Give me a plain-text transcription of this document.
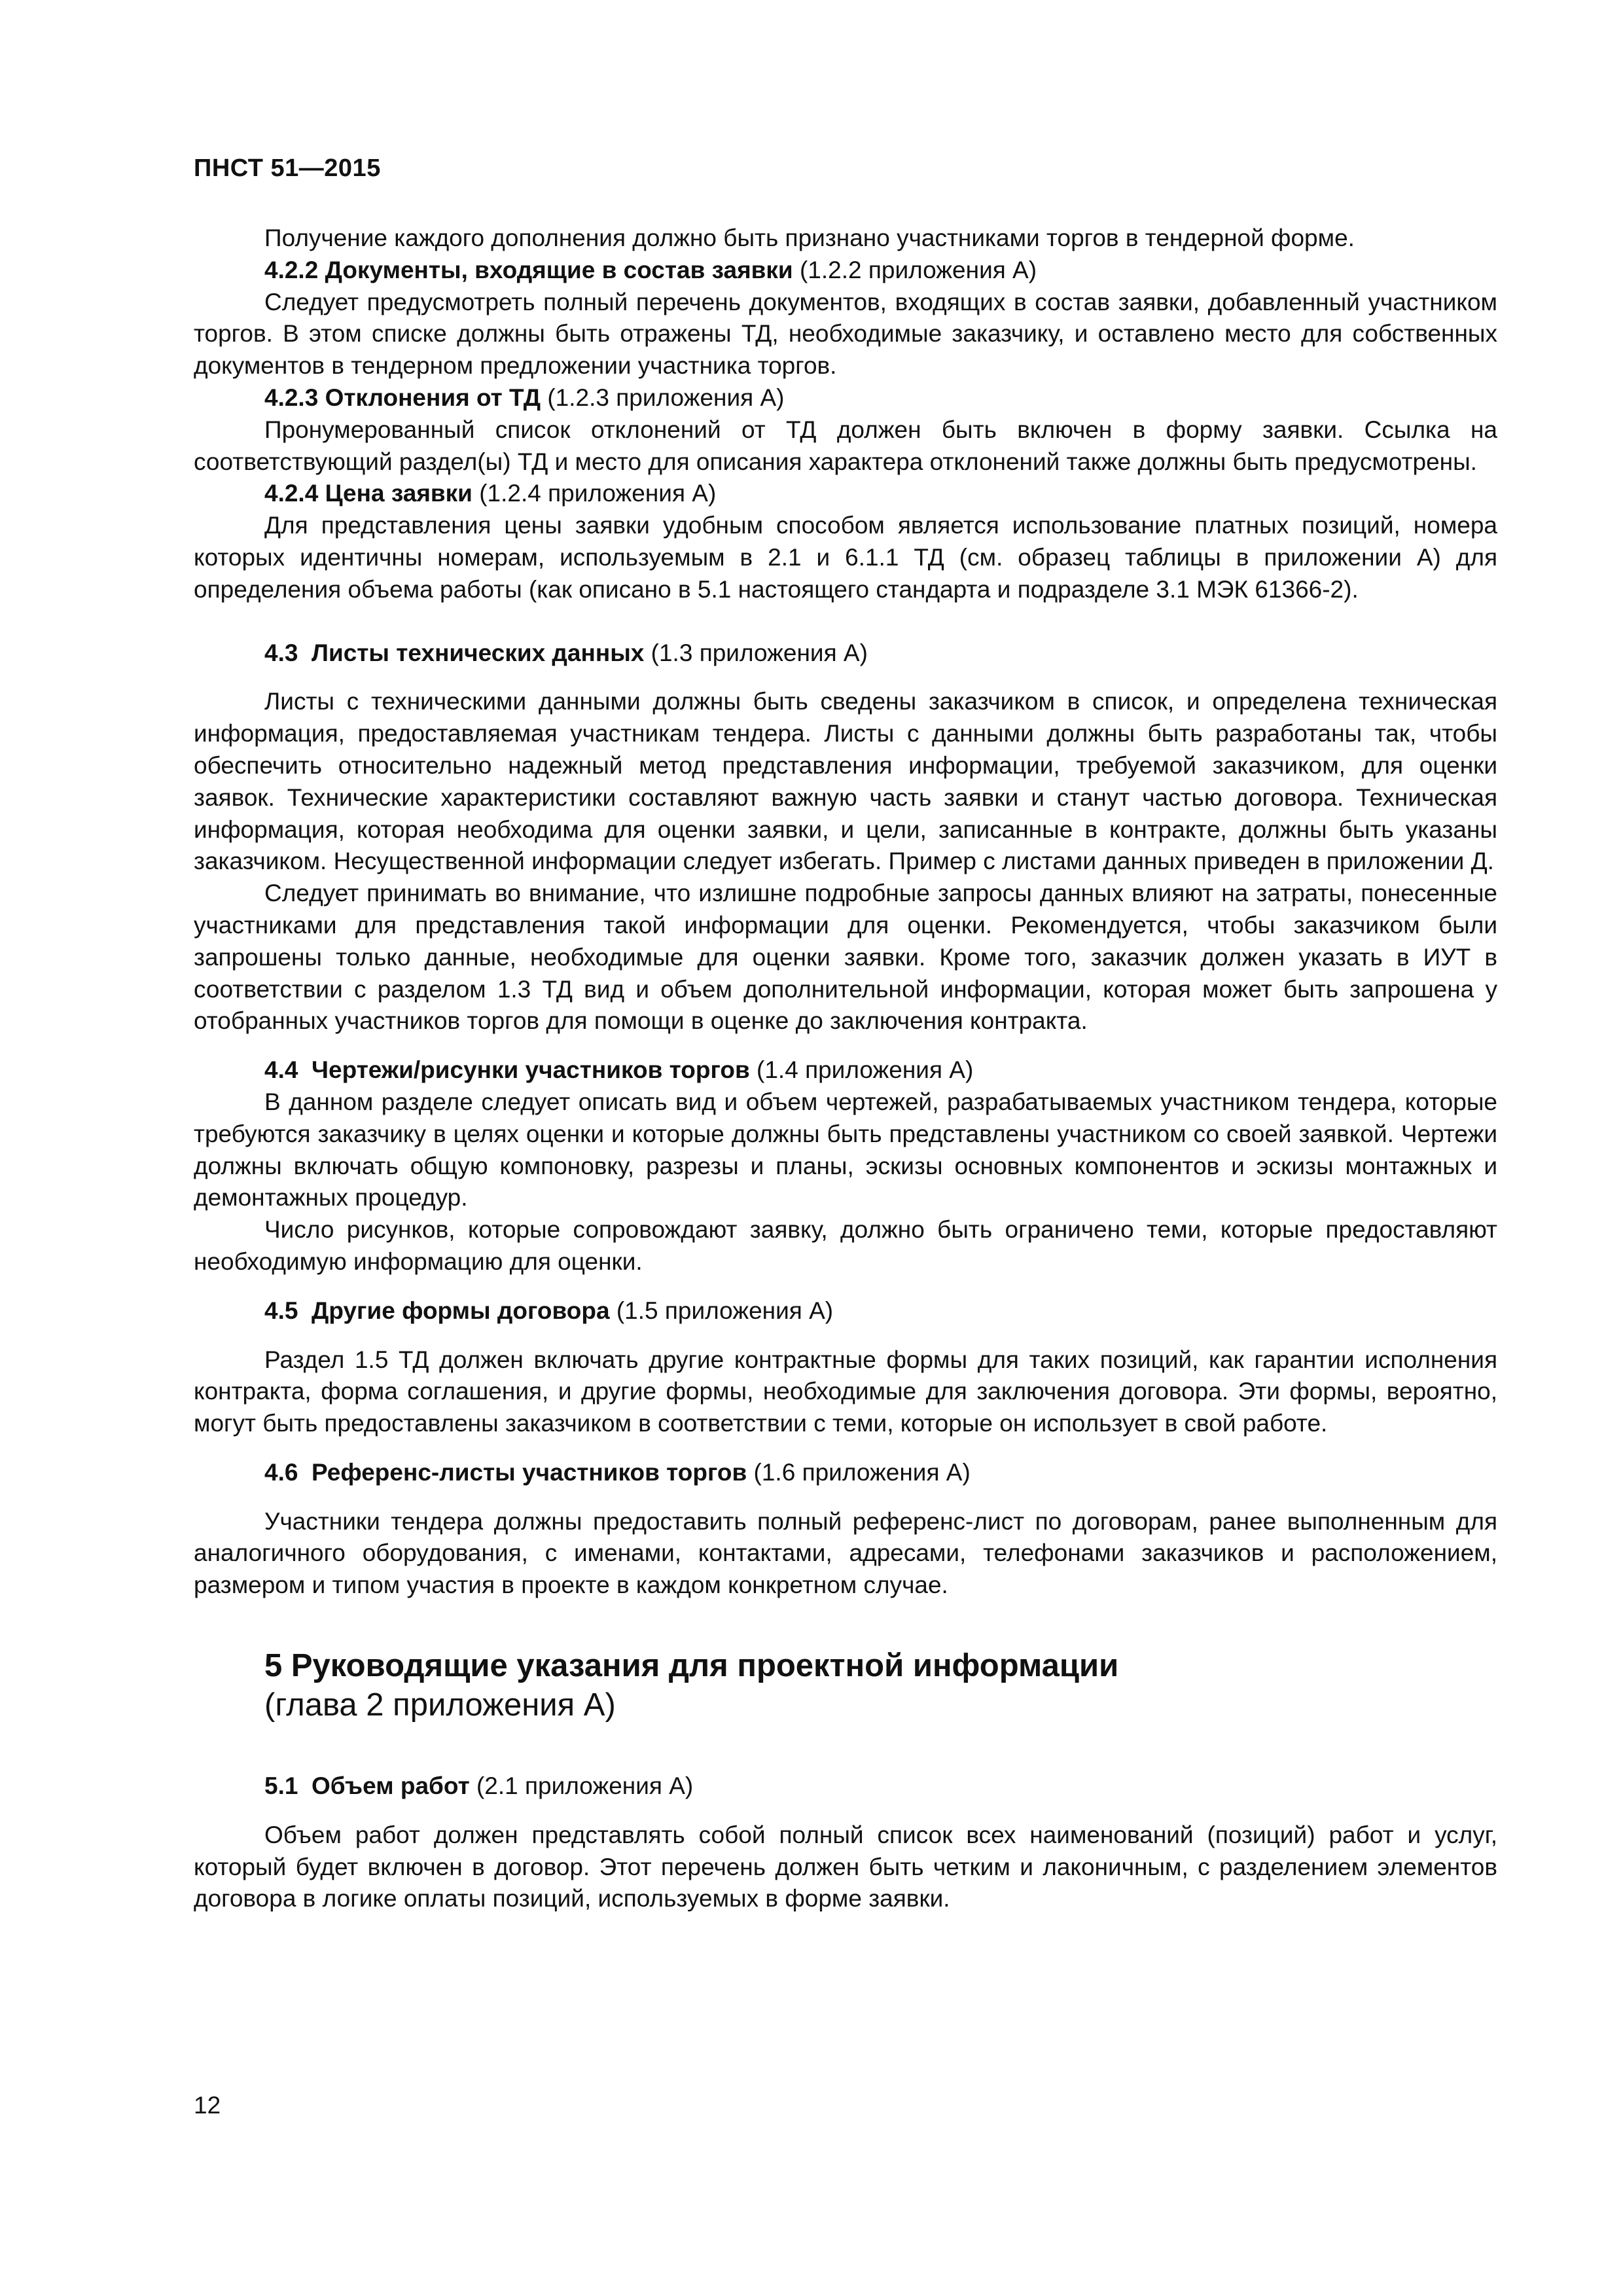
ПНСТ 51—2015

Получение каждого дополнения должно быть признано участниками торгов в тендерной форме.

4.2.2 Документы, входящие в состав заявки (1.2.2 приложения А)

Следует предусмотреть полный перечень документов, входящих в состав заявки, добавленный участником торгов. В этом списке должны быть отражены ТД, необходимые заказчику, и оставлено место для собственных документов в тендерном предложении участника торгов.

4.2.3 Отклонения от ТД (1.2.3 приложения А)

Пронумерованный список отклонений от ТД должен быть включен в форму заявки. Ссылка на соответствующий раздел(ы) ТД и место для описания характера отклонений также должны быть предусмотрены.

4.2.4 Цена заявки (1.2.4 приложения А)

Для представления цены заявки удобным способом является использование платных позиций, номера которых идентичны номерам, используемым в 2.1 и 6.1.1 ТД (см. образец таблицы в приложении А) для определения объема работы (как описано в 5.1 настоящего стандарта и подразделе 3.1 МЭК 61366-2).

4.3 Листы технических данных (1.3 приложения А)

Листы с техническими данными должны быть сведены заказчиком в список, и определена техническая информация, предоставляемая участникам тендера. Листы с данными должны быть разработаны так, чтобы обеспечить относительно надежный метод представления информации, требуемой заказчиком, для оценки заявок. Технические характеристики составляют важную часть заявки и станут частью договора. Техническая информация, которая необходима для оценки заявки, и цели, записанные в контракте, должны быть указаны заказчиком. Несущественной информации следует избегать. Пример с листами данных приведен в приложении Д.

Следует принимать во внимание, что излишне подробные запросы данных влияют на затраты, понесенные участниками для представления такой информации для оценки. Рекомендуется, чтобы заказчиком были запрошены только данные, необходимые для оценки заявки. Кроме того, заказчик должен указать в ИУТ в соответствии с разделом 1.3 ТД вид и объем дополнительной информации, которая может быть запрошена у отобранных участников торгов для помощи в оценке до заключения контракта.

4.4 Чертежи/рисунки участников торгов (1.4 приложения А)

В данном разделе следует описать вид и объем чертежей, разрабатываемых участником тендера, которые требуются заказчику в целях оценки и которые должны быть представлены участником со своей заявкой. Чертежи должны включать общую компоновку, разрезы и планы, эскизы основных компонентов и эскизы монтажных и демонтажных процедур.

Число рисунков, которые сопровождают заявку, должно быть ограничено теми, которые предоставляют необходимую информацию для оценки.

4.5 Другие формы договора (1.5 приложения А)

Раздел 1.5 ТД должен включать другие контрактные формы для таких позиций, как гарантии исполнения контракта, форма соглашения, и другие формы, необходимые для заключения договора. Эти формы, вероятно, могут быть предоставлены заказчиком в соответствии с теми, которые он использует в свой работе.

4.6 Референс-листы участников торгов (1.6 приложения А)

Участники тендера должны предоставить полный референс-лист по договорам, ранее выполненным для аналогичного оборудования, с именами, контактами, адресами, телефонами заказчиков и расположением, размером и типом участия в проекте в каждом конкретном случае.

5 Руководящие указания для проектной информации
(глава 2 приложения А)

5.1 Объем работ (2.1 приложения А)

Объем работ должен представлять собой полный список всех наименований (позиций) работ и услуг, который будет включен в договор. Этот перечень должен быть четким и лаконичным, с разделением элементов договора в логике оплаты позиций, используемых в форме заявки.

12
